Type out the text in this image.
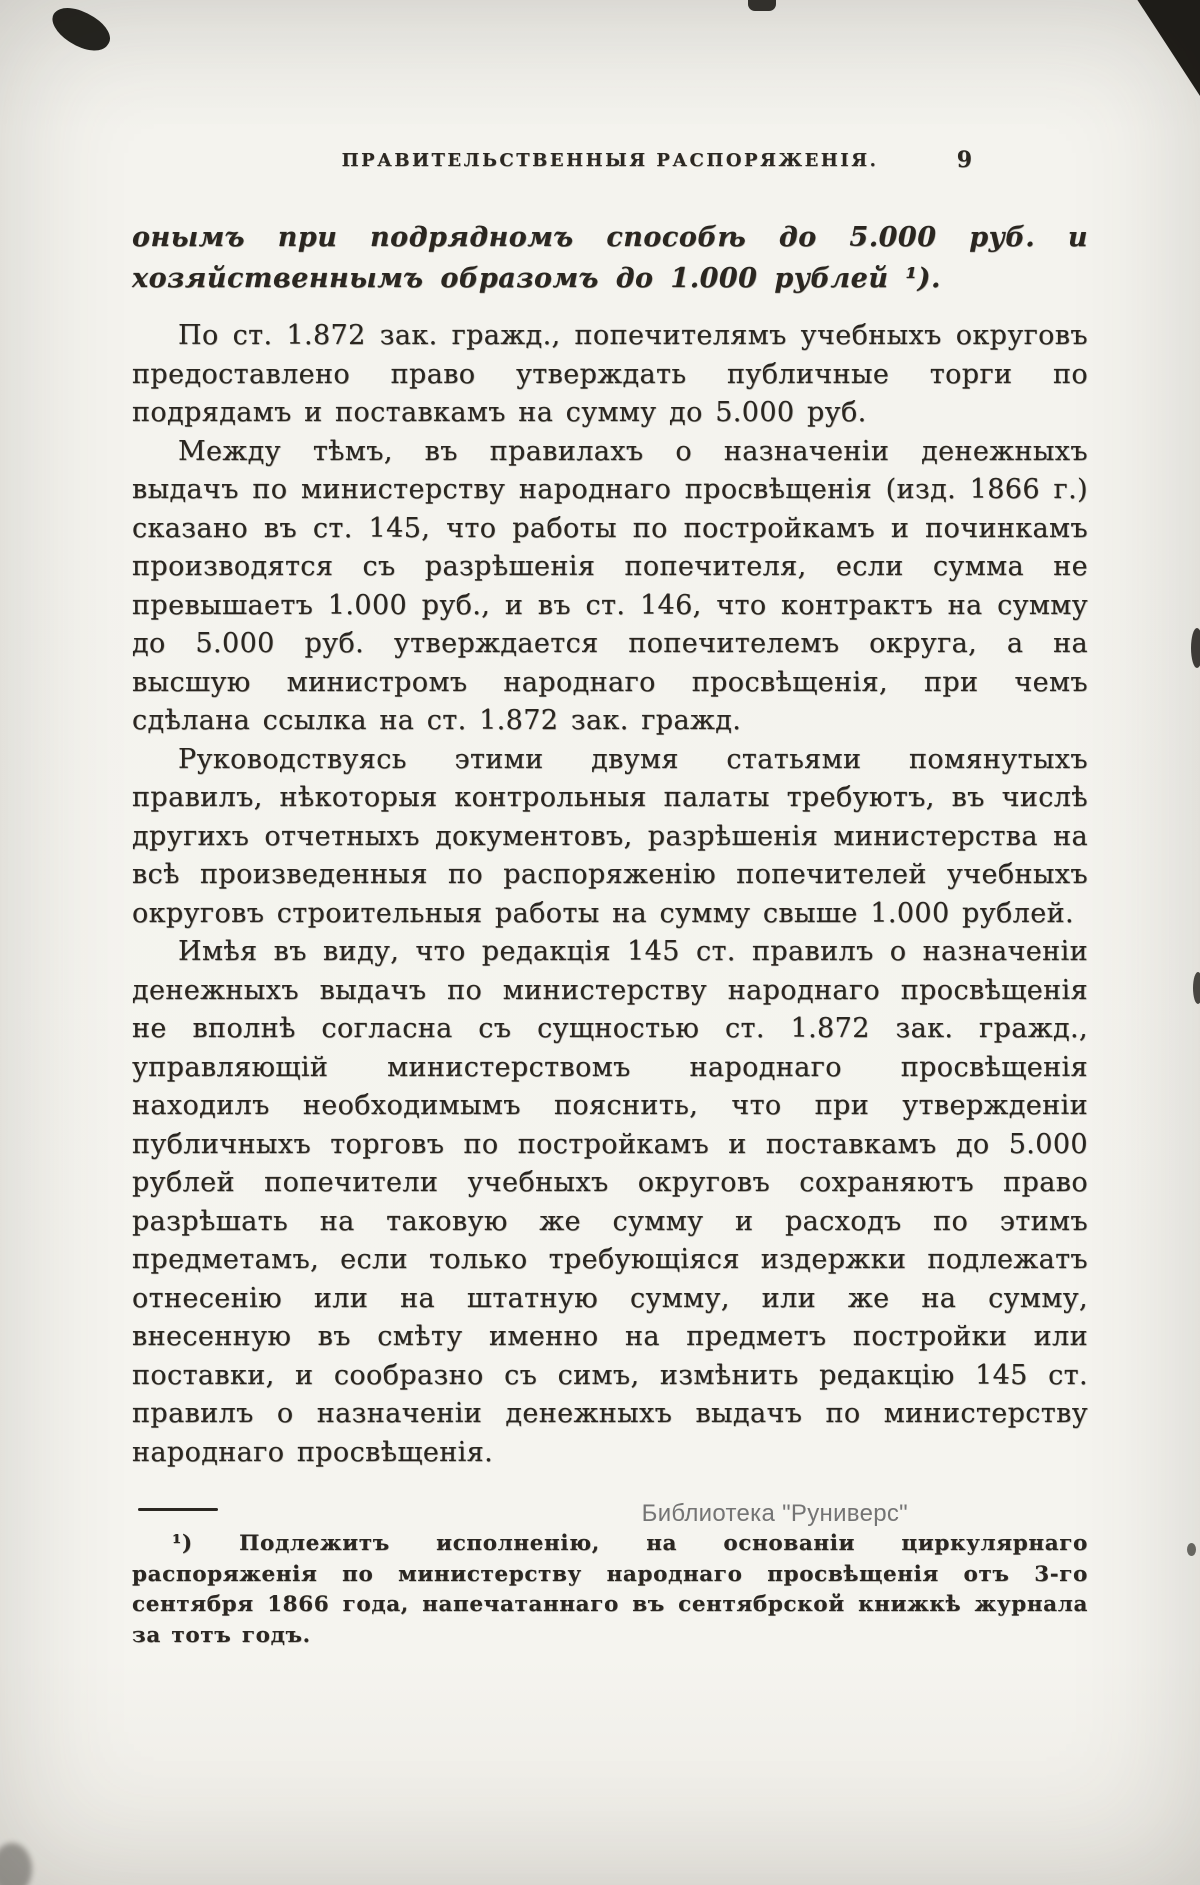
ПРАВИТЕЛЬСТВЕННЫЯ РАСПОРЯЖЕНІЯ.	9

онымъ при подрядномъ способѣ до 5.000 руб. и хозяйственнымъ образомъ до 1.000 рублей ¹).

По ст. 1.872 зак. гражд., попечителямъ учебныхъ округовъ предоставлено право утверждать публичные торги по подрядамъ и поставкамъ на сумму до 5.000 руб.

Между тѣмъ, въ правилахъ о назначеніи денежныхъ выдачъ по министерству народнаго просвѣщенія (изд. 1866 г.) сказано въ ст. 145, что работы по постройкамъ и починкамъ производятся съ разрѣшенія попечителя, если сумма не превышаетъ 1.000 руб., и въ ст. 146, что контрактъ на сумму до 5.000 руб. утверждается попечителемъ округа, а на высшую министромъ народнаго просвѣщенія, при чемъ сдѣлана ссылка на ст. 1.872 зак. гражд.

Руководствуясь этими двумя статьями помянутыхъ правилъ, нѣкоторыя контрольныя палаты требуютъ, въ числѣ другихъ отчетныхъ документовъ, разрѣшенія министерства на всѣ произведенныя по распоряженію попечителей учебныхъ округовъ строительныя работы на сумму свыше 1.000 рублей.

Имѣя въ виду, что редакція 145 ст. правилъ о назначеніи денежныхъ выдачъ по министерству народнаго просвѣщенія не вполнѣ согласна съ сущностью ст. 1.872 зак. гражд., управляющій министерствомъ народнаго просвѣщенія находилъ необходимымъ пояснить, что при утвержденіи публичныхъ торговъ по постройкамъ и поставкамъ до 5.000 рублей попечители учебныхъ округовъ сохраняютъ право разрѣшать на таковую же сумму и расходъ по этимъ предметамъ, если только требующіяся издержки подлежатъ отнесенію или на штатную сумму, или же на сумму, внесенную въ смѣту именно на предметъ постройки или поставки, и сообразно съ симъ, измѣнить редакцію 145 ст. правилъ о назначеніи денежныхъ выдачъ по министерству народнаго просвѣщенія.

¹) Подлежитъ исполненію, на основаніи циркулярнаго распоряженія по министерству народнаго просвѣщенія отъ 3-го сентября 1866 года, напечатаннаго въ сентябрской книжкѣ журнала за тотъ годъ.

Библиотека "Руниверс"
